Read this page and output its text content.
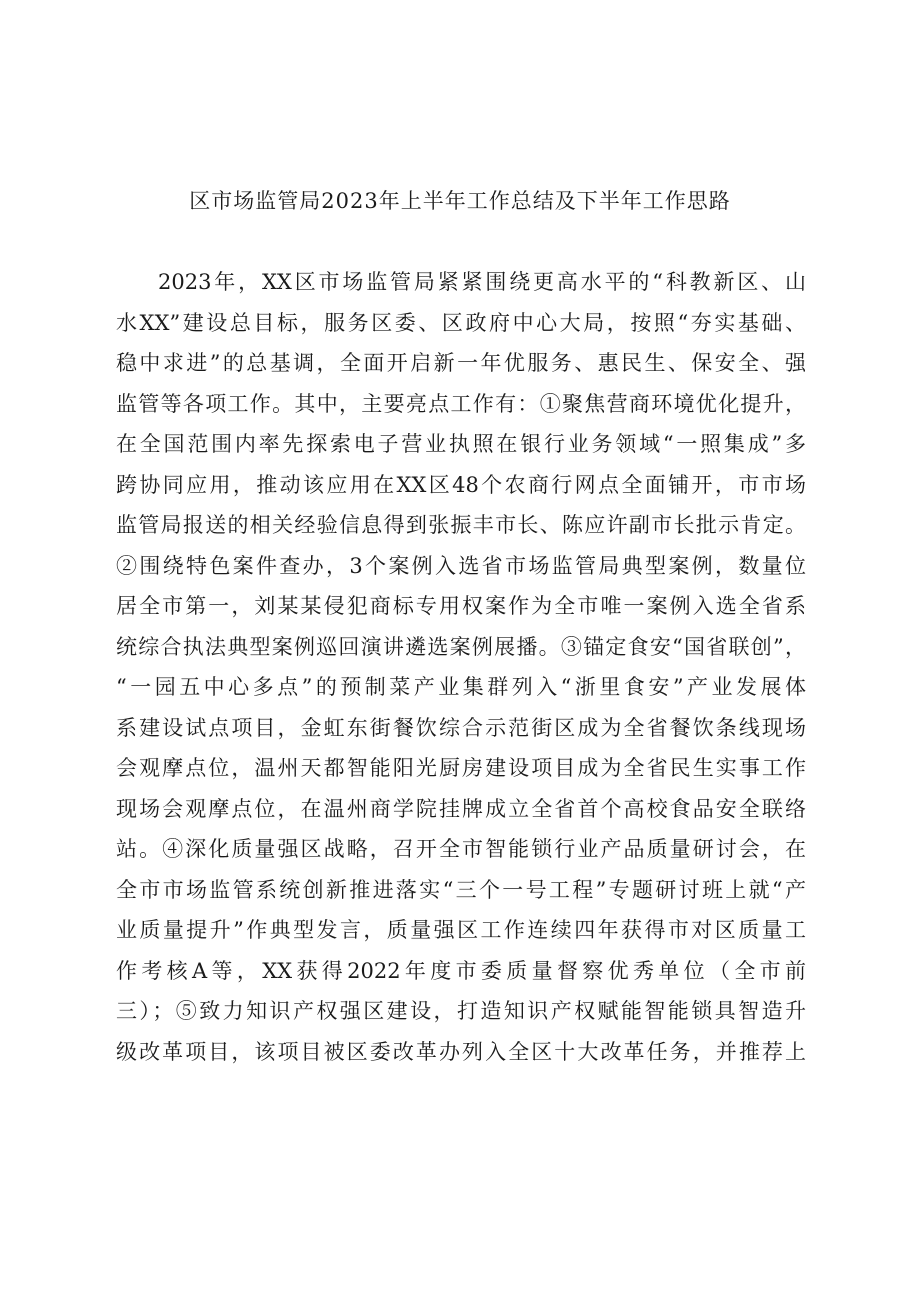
区市场监管局2023年上半年工作总结及下半年工作思路
2023年，XX区市场监管局紧紧围绕更高水平的“科教新区、山
水XX”建设总目标，服务区委、区政府中心大局，按照“夯实基础、
稳中求进”的总基调，全面开启新一年优服务、惠民生、保安全、强
监管等各项工作。其中，主要亮点工作有：①聚焦营商环境优化提升，
在全国范围内率先探索电子营业执照在银行业务领域“一照集成”多
跨协同应用，推动该应用在XX区48个农商行网点全面铺开，市市场
监管局报送的相关经验信息得到张振丰市长、陈应许副市长批示肯定。
②围绕特色案件查办，3个案例入选省市场监管局典型案例，数量位
居全市第一，刘某某侵犯商标专用权案作为全市唯一案例入选全省系
统综合执法典型案例巡回演讲遴选案例展播。③锚定食安“国省联创”，
“一园五中心多点”的预制菜产业集群列入“浙里食安”产业发展体
系建设试点项目，金虹东街餐饮综合示范街区成为全省餐饮条线现场
会观摩点位，温州天都智能阳光厨房建设项目成为全省民生实事工作
现场会观摩点位，在温州商学院挂牌成立全省首个高校食品安全联络
站。④深化质量强区战略，召开全市智能锁行业产品质量研讨会，在
全市市场监管系统创新推进落实“三个一号工程”专题研讨班上就“产
业质量提升”作典型发言，质量强区工作连续四年获得市对区质量工
作考核A等，XX获得2022年度市委质量督察优秀单位（全市前
三）；⑤致力知识产权强区建设，打造知识产权赋能智能锁具智造升
级改革项目，该项目被区委改革办列入全区十大改革任务，并推荐上
